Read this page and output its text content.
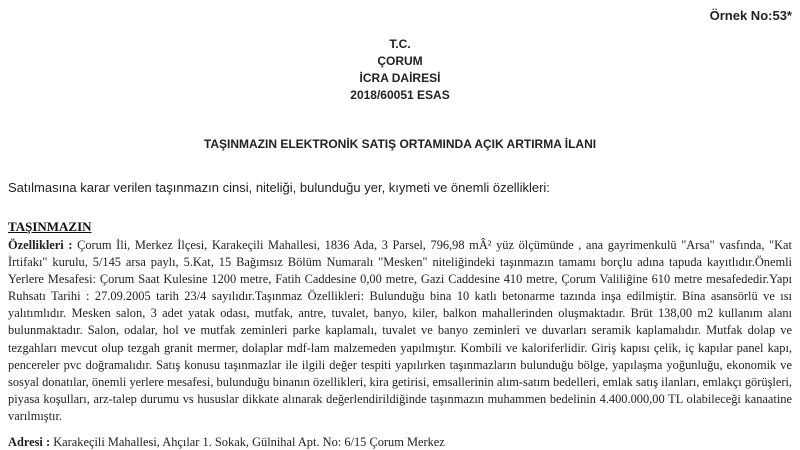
Örnek No:53*
T.C.
ÇORUM
İCRA DAİRESİ
2018/60051 ESAS
TAŞINMAZIN ELEKTRONİK SATIŞ ORTAMINDA AÇIK ARTIRMA İLANI
Satılmasına karar verilen taşınmazın cinsi, niteliği, bulunduğu yer, kıymeti ve önemli özellikleri:
TAŞINMAZIN
Özellikleri : Çorum İli, Merkez İlçesi, Karakeçili Mahallesi, 1836 Ada, 3 Parsel, 796,98 mÂ² yüz ölçümünde , ana gayrimenkulü "Arsa" vasfında, "Kat İrtifakı" kurulu, 5/145 arsa paylı, 5.Kat, 15 Bağımsız Bölüm Numaralı "Mesken" niteliğindeki taşınmazın tamamı borçlu adına tapuda kayıtlıdır.Önemli Yerlere Mesafesi: Çorum Saat Kulesine 1200 metre, Fatih Caddesine 0,00 metre, Gazi Caddesine 410 metre, Çorum Valiliğine 610 metre mesafededir.Yapı Ruhsatı Tarihi : 27.09.2005 tarih 23/4 sayılıdır.Taşınmaz Özellikleri: Bulunduğu bina 10 katlı betonarme tazında inşa edilmiştir. Bina asansörlü ve ısı yalıtımlıdır. Mesken salon, 3 adet yatak odası, mutfak, antre, tuvalet, banyo, kiler, balkon mahallerinden oluşmaktadır. Brüt 138,00 m2 kullanım alanı bulunmaktadır. Salon, odalar, hol ve mutfak zeminleri parke kaplamalı, tuvalet ve banyo zeminleri ve duvarları seramik kaplamalıdır. Mutfak dolap ve tezgahları mevcut olup tezgah granit mermer, dolaplar mdf-lam malzemeden yapılmıştır. Kombili ve kaloriferlidir. Giriş kapısı çelik, iç kapılar panel kapı, pencereler pvc doğramalıdır. Satış konusu taşınmazlar ile ilgili değer tespiti yapılırken taşınmazların bulunduğu bölge, yapılaşma yoğunluğu, ekonomik ve sosyal donatılar, önemli yerlere mesafesi, bulunduğu binanın özellikleri, kira getirisi, emsallerinin alım-satım bedelleri, emlak satış ilanları, emlakçı görüşleri, piyasa koşulları, arz-talep durumu vs hususlar dikkate alınarak değerlendirildiğinde taşınmazın muhammen bedelinin 4.400.000,00 TL olabileceği kanaatine varılmıştır.
Adresi : Karakeçili Mahallesi, Ahçılar 1. Sokak, Gülnihal Apt. No: 6/15 Çorum Merkez
